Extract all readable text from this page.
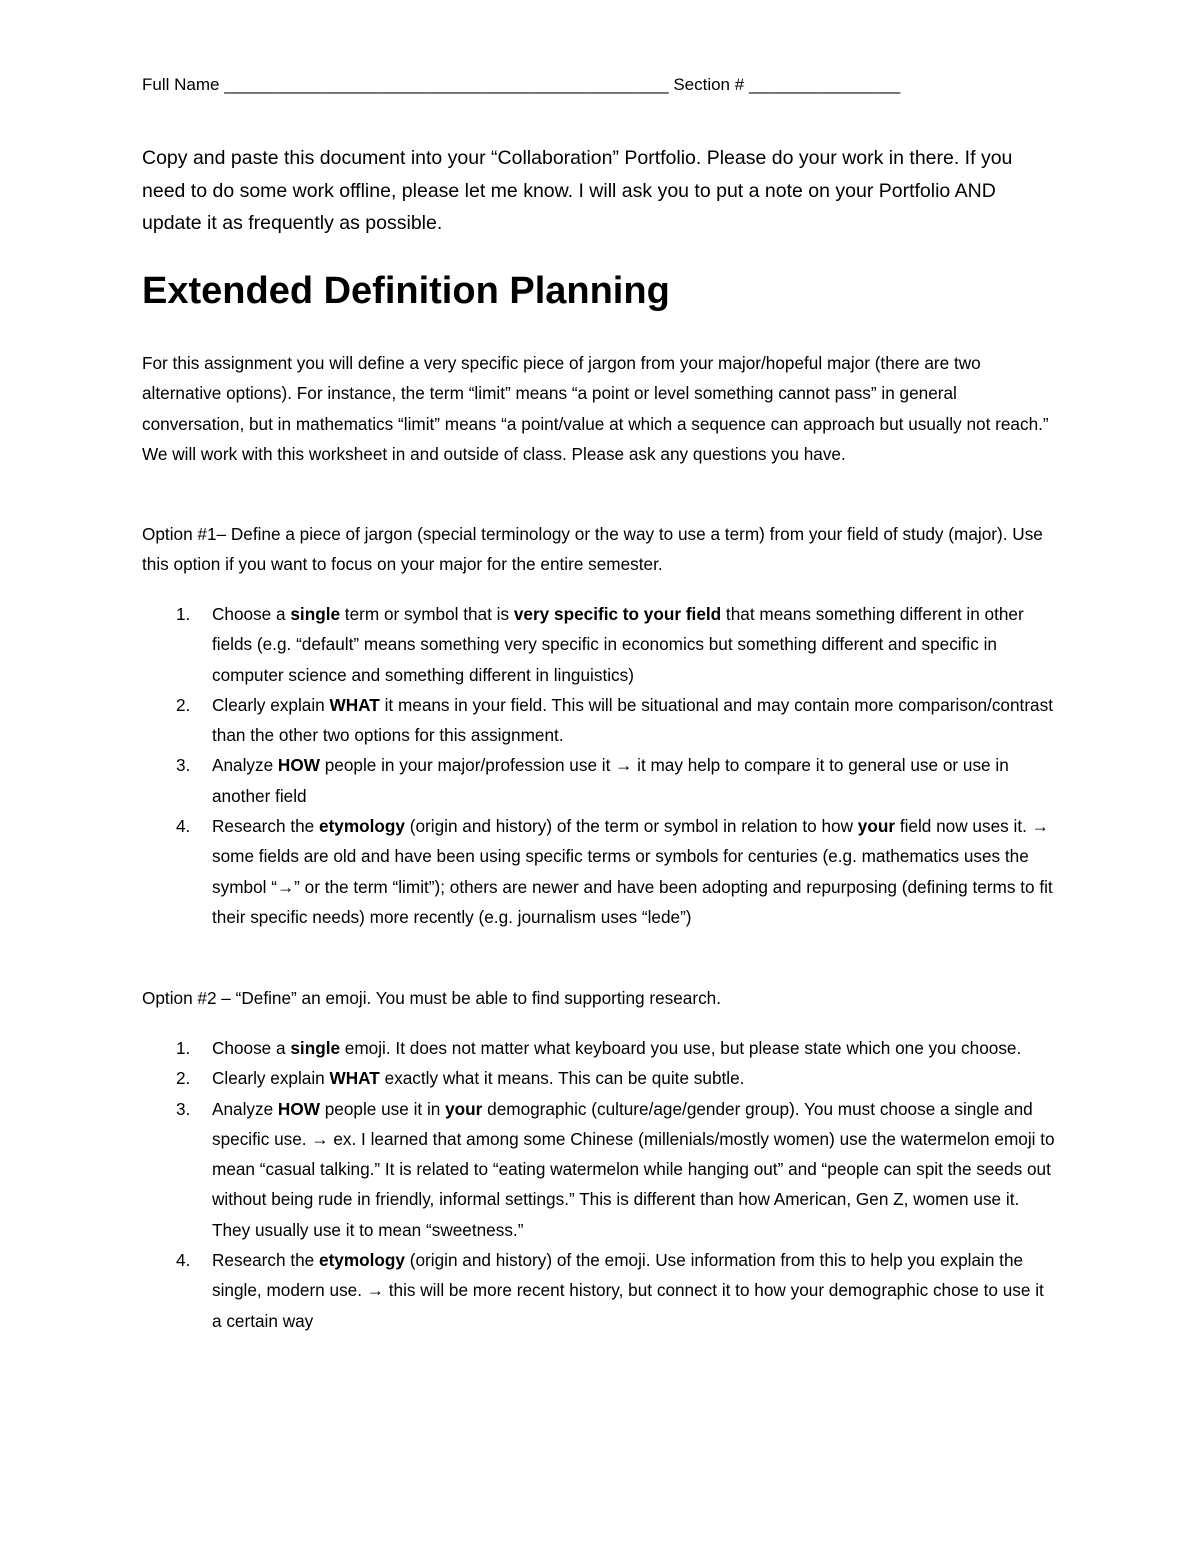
Full Name _______________________________________________ Section # ________________
Copy and paste this document into your “Collaboration” Portfolio. Please do your work in there. If you need to do some work offline, please let me know. I will ask you to put a note on your Portfolio AND update it as frequently as possible.
Extended Definition Planning
For this assignment you will define a very specific piece of jargon from your major/hopeful major (there are two alternative options). For instance, the term “limit” means “a point or level something cannot pass” in general conversation, but in mathematics “limit” means “a point/value at which a sequence can approach but usually not reach.” We will work with this worksheet in and outside of class. Please ask any questions you have.
Option #1– Define a piece of jargon (special terminology or the way to use a term) from your field of study (major). Use this option if you want to focus on your major for the entire semester.
1. Choose a single term or symbol that is very specific to your field that means something different in other fields (e.g. “default” means something very specific in economics but something different and specific in computer science and something different in linguistics)
2. Clearly explain WHAT it means in your field. This will be situational and may contain more comparison/contrast than the other two options for this assignment.
3. Analyze HOW people in your major/profession use it → it may help to compare it to general use or use in another field
4. Research the etymology (origin and history) of the term or symbol in relation to how your field now uses it. → some fields are old and have been using specific terms or symbols for centuries (e.g. mathematics uses the symbol “→” or the term “limit”); others are newer and have been adopting and repurposing (defining terms to fit their specific needs) more recently (e.g. journalism uses “lede”)
Option #2 – “Define” an emoji. You must be able to find supporting research.
1. Choose a single emoji. It does not matter what keyboard you use, but please state which one you choose.
2. Clearly explain WHAT exactly what it means. This can be quite subtle.
3. Analyze HOW people use it in your demographic (culture/age/gender group). You must choose a single and specific use. → ex. I learned that among some Chinese (millenials/mostly women) use the watermelon emoji to mean “casual talking.” It is related to “eating watermelon while hanging out” and “people can spit the seeds out without being rude in friendly, informal settings.” This is different than how American, Gen Z, women use it. They usually use it to mean “sweetness.”
4. Research the etymology (origin and history) of the emoji. Use information from this to help you explain the single, modern use. → this will be more recent history, but connect it to how your demographic chose to use it a certain way
